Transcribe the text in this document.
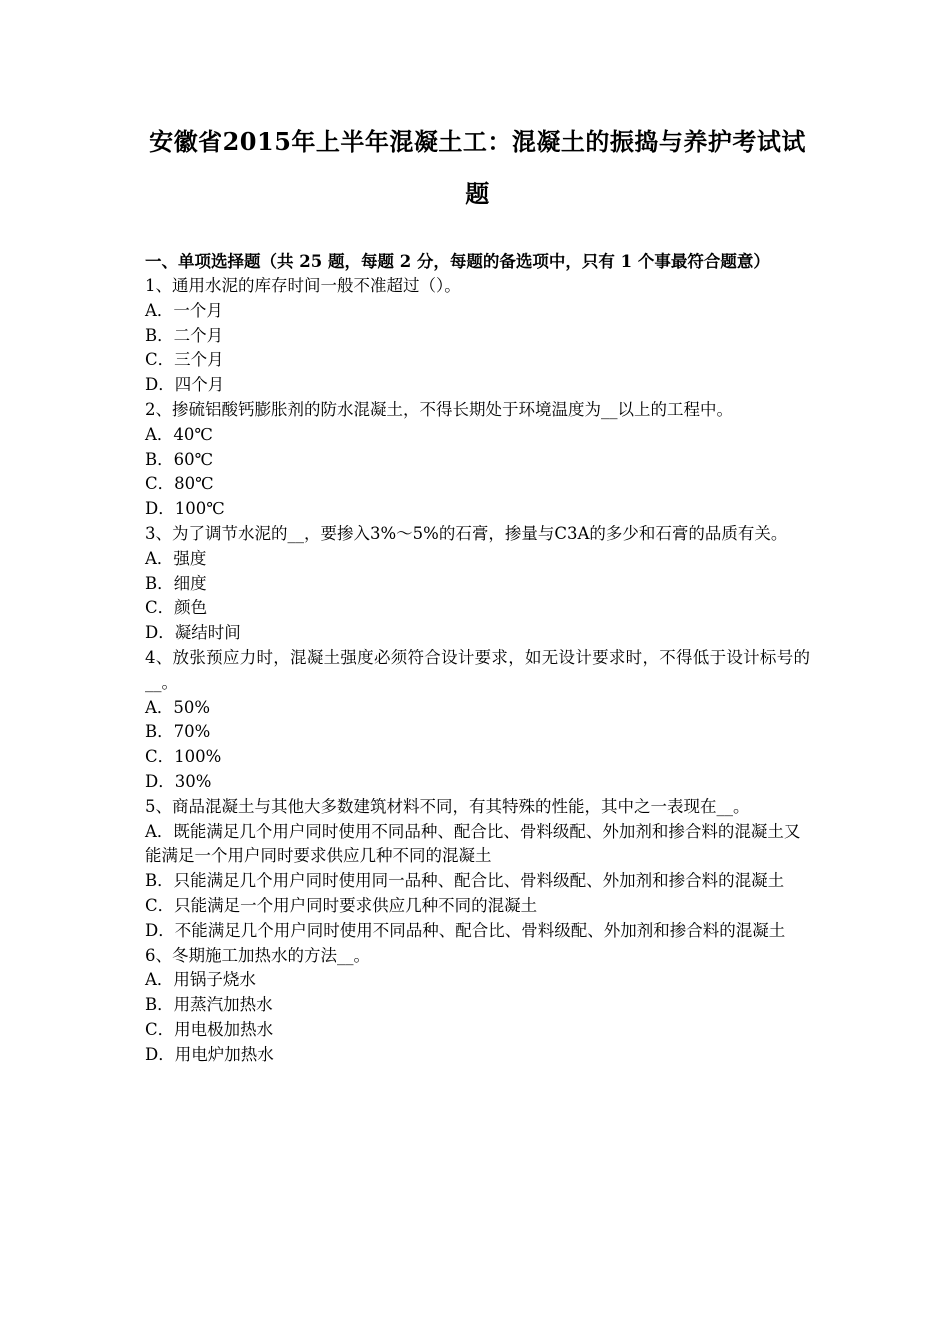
安徽省2015年上半年混凝土工：混凝土的振捣与养护考试试题
一、单项选择题（共 25 题，每题 2 分，每题的备选项中，只有 1 个事最符合题意）
1、通用水泥的库存时间一般不准超过（）。
A．一个月
B．二个月
C．三个月
D．四个月
2、掺硫铝酸钙膨胀剂的防水混凝土，不得长期处于环境温度为__以上的工程中。
A．40℃
B．60℃
C．80℃
D．100℃
3、为了调节水泥的__，要掺入3%～5%的石膏，掺量与C3A的多少和石膏的品质有关。
A．强度
B．细度
C．颜色
D．凝结时间
4、放张预应力时，混凝土强度必须符合设计要求，如无设计要求时，不得低于设计标号的__。
A．50%
B．70%
C．100%
D．30%
5、商品混凝土与其他大多数建筑材料不同，有其特殊的性能，其中之一表现在__。
A．既能满足几个用户同时使用不同品种、配合比、骨料级配、外加剂和掺合料的混凝土又能满足一个用户同时要求供应几种不同的混凝土
B．只能满足几个用户同时使用同一品种、配合比、骨料级配、外加剂和掺合料的混凝土
C．只能满足一个用户同时要求供应几种不同的混凝土
D．不能满足几个用户同时使用不同品种、配合比、骨料级配、外加剂和掺合料的混凝土
6、冬期施工加热水的方法__。
A．用锅子烧水
B．用蒸汽加热水
C．用电极加热水
D．用电炉加热水
